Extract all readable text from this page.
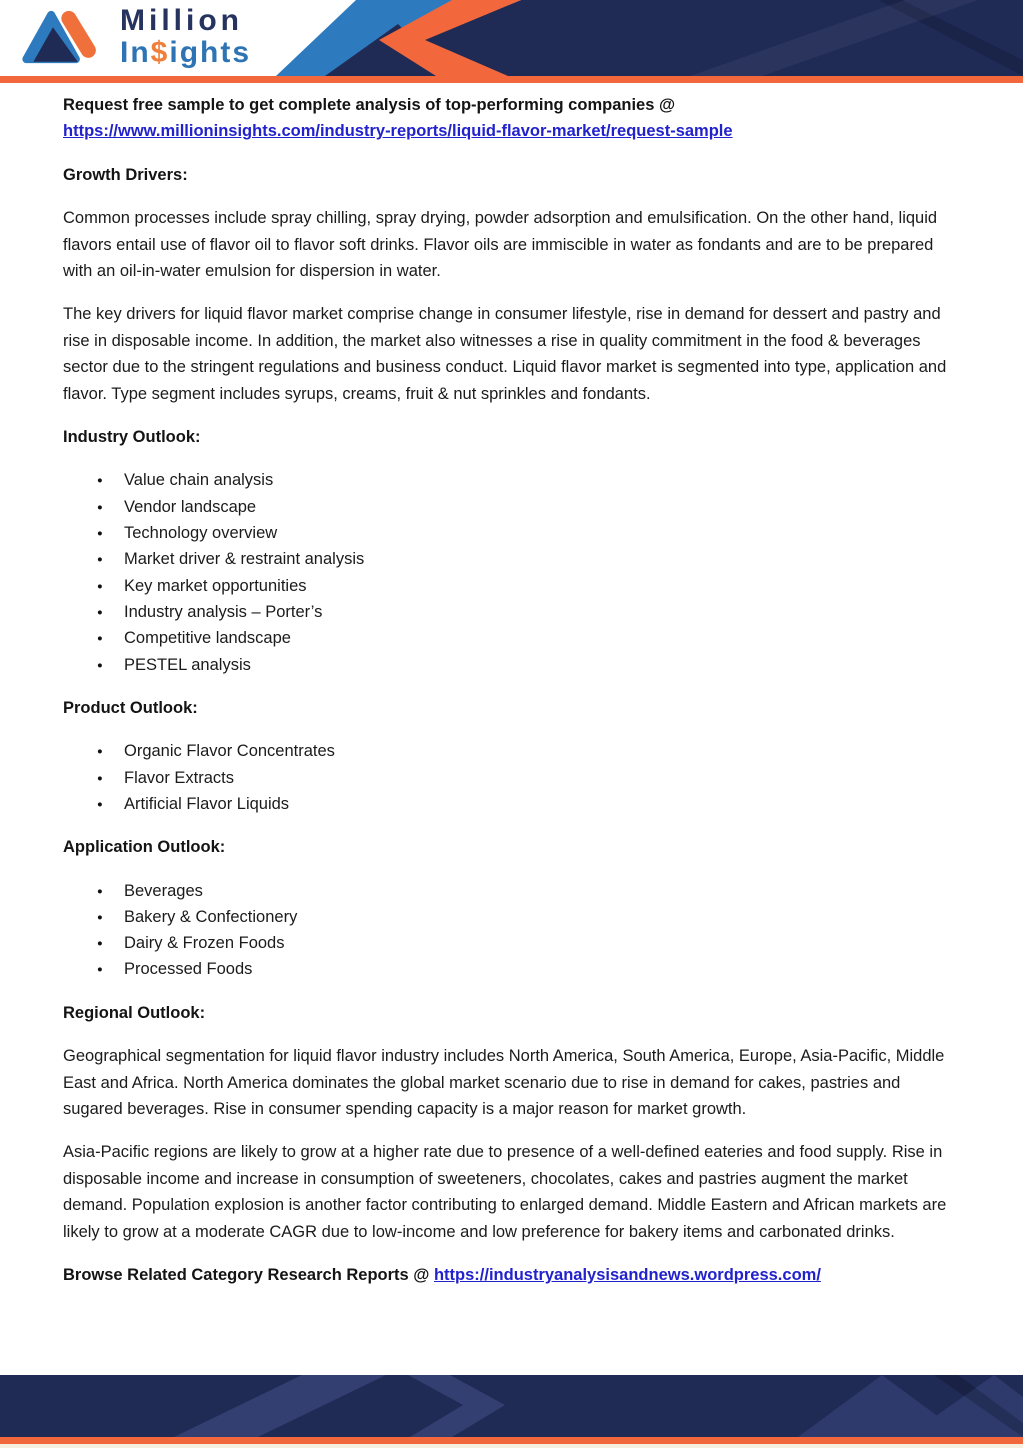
Million
In$ights

Request free sample to get complete analysis of top-performing companies @
https://www.millioninsights.com/industry-reports/liquid-flavor-market/request-sample

Growth Drivers:

Common processes include spray chilling, spray drying, powder adsorption and emulsification. On the other hand, liquid flavors entail use of flavor oil to flavor soft drinks. Flavor oils are immiscible in water as fondants and are to be prepared with an oil-in-water emulsion for dispersion in water.

The key drivers for liquid flavor market comprise change in consumer lifestyle, rise in demand for dessert and pastry and rise in disposable income. In addition, the market also witnesses a rise in quality commitment in the food & beverages sector due to the stringent regulations and business conduct. Liquid flavor market is segmented into type, application and flavor. Type segment includes syrups, creams, fruit & nut sprinkles and fondants.

Industry Outlook:
● Value chain analysis
● Vendor landscape
● Technology overview
● Market driver & restraint analysis
● Key market opportunities
● Industry analysis – Porter’s
● Competitive landscape
● PESTEL analysis
Product Outlook:
● Organic Flavor Concentrates
● Flavor Extracts
● Artificial Flavor Liquids
Application Outlook:
● Beverages
● Bakery & Confectionery
● Dairy & Frozen Foods
● Processed Foods
Regional Outlook:

Geographical segmentation for liquid flavor industry includes North America, South America, Europe, Asia-Pacific, Middle East and Africa. North America dominates the global market scenario due to rise in demand for cakes, pastries and sugared beverages. Rise in consumer spending capacity is a major reason for market growth.

Asia-Pacific regions are likely to grow at a higher rate due to presence of a well-defined eateries and food supply. Rise in disposable income and increase in consumption of sweeteners, chocolates, cakes and pastries augment the market demand. Population explosion is another factor contributing to enlarged demand. Middle Eastern and African markets are likely to grow at a moderate CAGR due to low-income and low preference for bakery items and carbonated drinks.

Browse Related Category Research Reports @ https://industryanalysisandnews.wordpress.com/
